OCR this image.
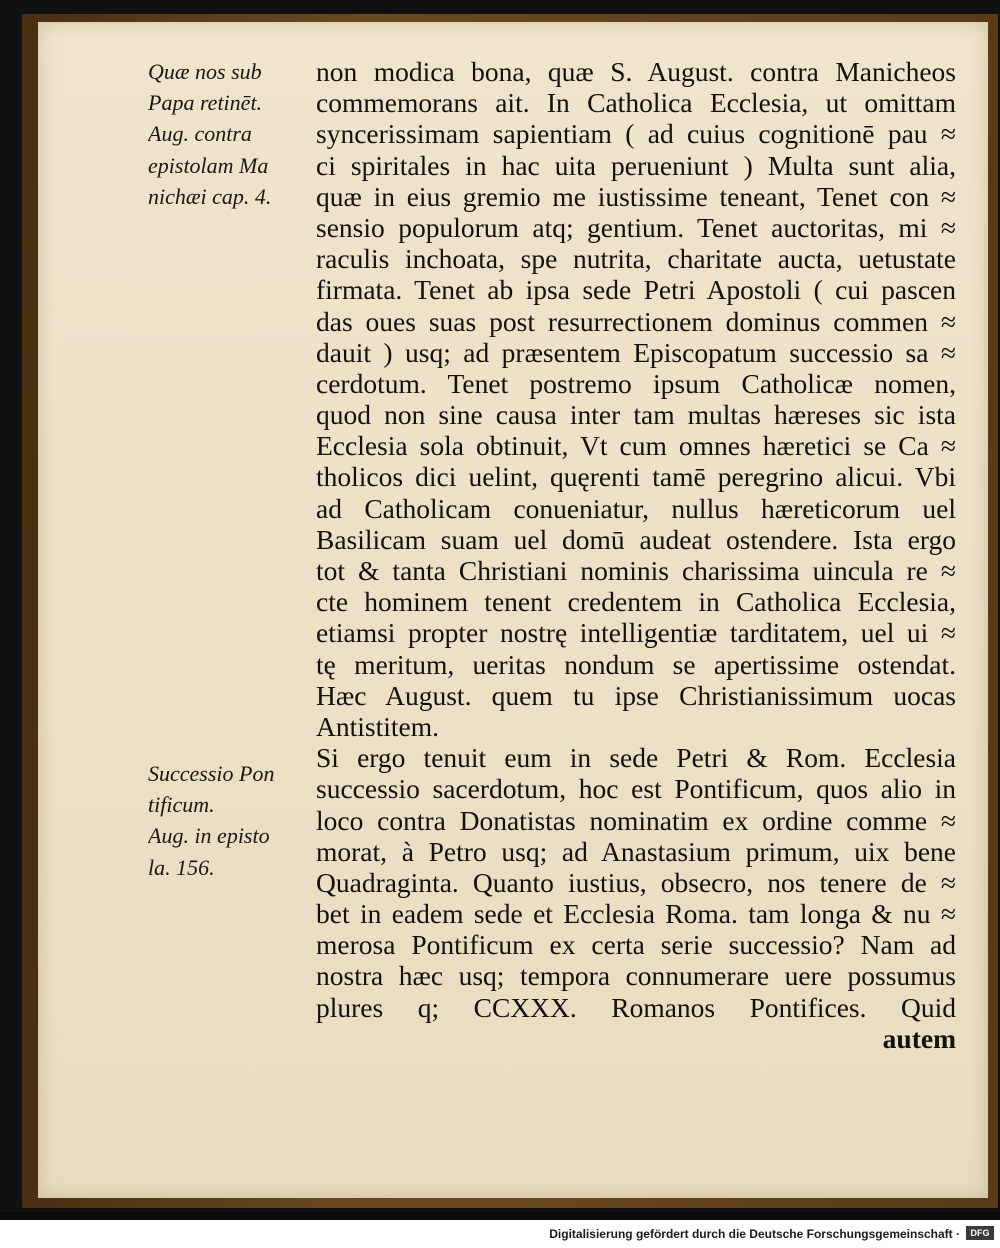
Quæ nos sub
Papa retinēt.
Aug. contra
epistolam Ma
nichæi cap. 4.
Successio Pon
tificum.
Aug. in episto
la. 156.
non modica bona, quæ S. August. contra Manicheos
commemorans ait. In Catholica Ecclesia, ut omittam
syncerissimam sapientiam ( ad cuius cognitionē pau ≈
ci spiritales in hac uita perueniunt ) Multa sunt alia,
quæ in eius gremio me iustissime teneant, Tenet con ≈
sensio populorum atq; gentium. Tenet auctoritas, mi ≈
raculis inchoata, spe nutrita, charitate aucta, uetustate
firmata. Tenet ab ipsa sede Petri Apostoli ( cui pascen
das oues suas post resurrectionem dominus commen ≈
dauit ) usq; ad præsentem Episcopatum successio sa ≈
cerdotum. Tenet postremo ipsum Catholicæ nomen,
quod non sine causa inter tam multas hæreses sic ista
Ecclesia sola obtinuit, Vt cum omnes hæretici se Ca ≈
tholicos dici uelint, quęrenti tamē peregrino alicui. Vbi
ad Catholicam conueniatur, nullus hæreticorum uel
Basilicam suam uel domū audeat ostendere. Ista ergo
tot & tanta Christiani nominis charissima uincula re ≈
cte hominem tenent credentem in Catholica Ecclesia,
etiamsi propter nostrę intelligentiæ tarditatem, uel ui ≈
tę meritum, ueritas nondum se apertissime ostendat.
Hæc August. quem tu ipse Christianissimum uocas
Antistitem.
Si ergo tenuit eum in sede Petri & Rom. Ecclesia
successio sacerdotum, hoc est Pontificum, quos alio in
loco contra Donatistas nominatim ex ordine comme ≈
morat, à Petro usq; ad Anastasium primum, uix bene
Quadraginta. Quanto iustius, obsecro, nos tenere de ≈
bet in eadem sede et Ecclesia Roma. tam longa & nu ≈
merosa Pontificum ex certa serie successio? Nam ad
nostra hæc usq; tempora connumerare uere possumus
plures q; CCXXX. Romanos Pontifices. Quid
autem
Digitalisierung gefördert durch die Deutsche Forschungsgemeinschaft ·	DFG
